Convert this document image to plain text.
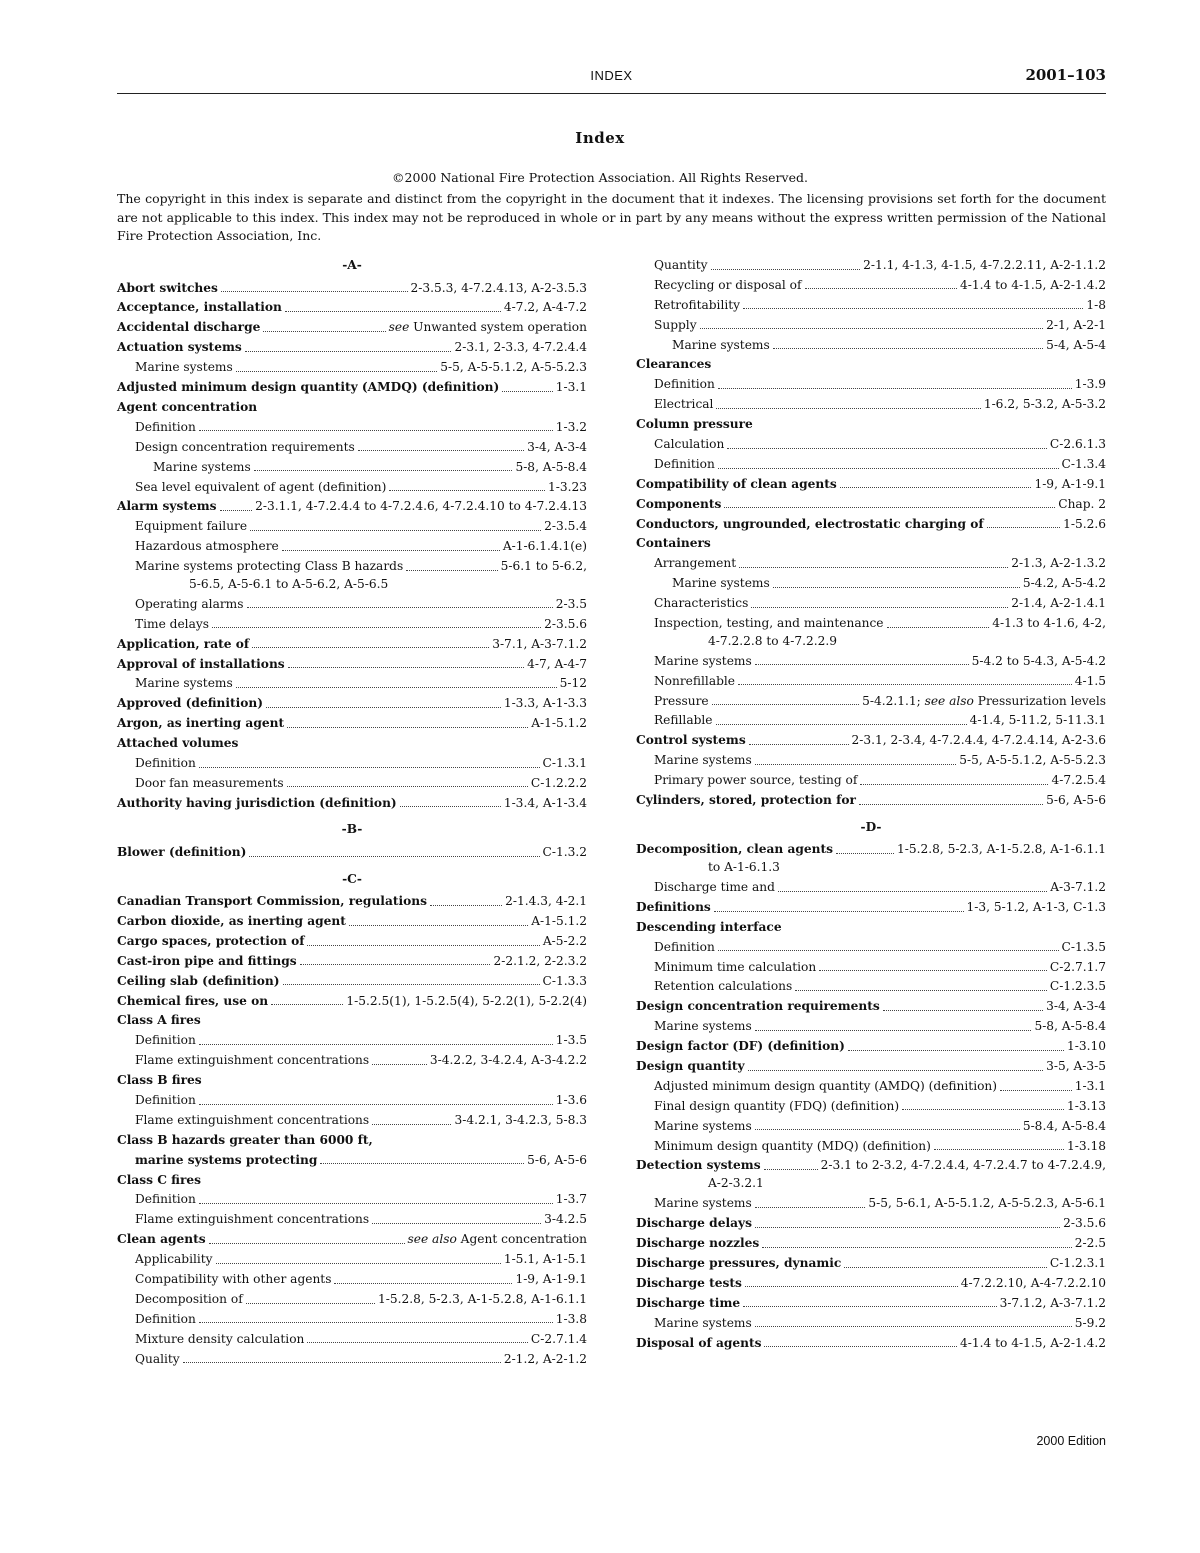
INDEX	2001–103
Index
©2000 National Fire Protection Association. All Rights Reserved.
The copyright in this index is separate and distinct from the copyright in the document that it indexes. The licensing provisions set forth for the document are not applicable to this index. This index may not be reproduced in whole or in part by any means without the express written permission of the National Fire Protection Association, Inc.
-A-
Abort switches	2-3.5.3, 4-7.2.4.13, A-2-3.5.3
Acceptance, installation	4-7.2, A-4-7.2
Accidental discharge	see Unwanted system operation
Actuation systems	2-3.1, 2-3.3, 4-7.2.4.4
Marine systems	5-5, A-5-5.1.2, A-5-5.2.3
Adjusted minimum design quantity (AMDQ) (definition)	1-3.1
Agent concentration
Definition	1-3.2
Design concentration requirements	3-4, A-3-4
Marine systems	5-8, A-5-8.4
Sea level equivalent of agent (definition)	1-3.23
Alarm systems	2-3.1.1, 4-7.2.4.4 to 4-7.2.4.6, 4-7.2.4.10 to 4-7.2.4.13
Equipment failure	2-3.5.4
Hazardous atmosphere	A-1-6.1.4.1(e)
Marine systems protecting Class B hazards	5-6.1 to 5-6.2,
5-6.5, A-5-6.1 to A-5-6.2, A-5-6.5
Operating alarms	2-3.5
Time delays	2-3.5.6
Application, rate of	3-7.1, A-3-7.1.2
Approval of installations	4-7, A-4-7
Marine systems	5-12
Approved (definition)	1-3.3, A-1-3.3
Argon, as inerting agent	A-1-5.1.2
Attached volumes
Definition	C-1.3.1
Door fan measurements	C-1.2.2.2
Authority having jurisdiction (definition)	1-3.4, A-1-3.4
-B-
Blower (definition)	C-1.3.2
-C-
Canadian Transport Commission, regulations	2-1.4.3, 4-2.1
Carbon dioxide, as inerting agent	A-1-5.1.2
Cargo spaces, protection of	A-5-2.2
Cast-iron pipe and fittings	2-2.1.2, 2-2.3.2
Ceiling slab (definition)	C-1.3.3
Chemical fires, use on	1-5.2.5(1), 1-5.2.5(4), 5-2.2(1), 5-2.2(4)
Class A fires
Definition	1-3.5
Flame extinguishment concentrations	3-4.2.2, 3-4.2.4, A-3-4.2.2
Class B fires
Definition	1-3.6
Flame extinguishment concentrations	3-4.2.1, 3-4.2.3, 5-8.3
Class B hazards greater than 6000 ft,
marine systems protecting	5-6, A-5-6
Class C fires
Definition	1-3.7
Flame extinguishment concentrations	3-4.2.5
Clean agents	see also Agent concentration
Applicability	1-5.1, A-1-5.1
Compatibility with other agents	1-9, A-1-9.1
Decomposition of	1-5.2.8, 5-2.3, A-1-5.2.8, A-1-6.1.1
Definition	1-3.8
Mixture density calculation	C-2.7.1.4
Quality	2-1.2, A-2-1.2
Quantity	2-1.1, 4-1.3, 4-1.5, 4-7.2.2.11, A-2-1.1.2
Recycling or disposal of	4-1.4 to 4-1.5, A-2-1.4.2
Retrofitability	1-8
Supply	2-1, A-2-1
Marine systems	5-4, A-5-4
Clearances
Definition	1-3.9
Electrical	1-6.2, 5-3.2, A-5-3.2
Column pressure
Calculation	C-2.6.1.3
Definition	C-1.3.4
Compatibility of clean agents	1-9, A-1-9.1
Components	Chap. 2
Conductors, ungrounded, electrostatic charging of	1-5.2.6
Containers
Arrangement	2-1.3, A-2-1.3.2
Marine systems	5-4.2, A-5-4.2
Characteristics	2-1.4, A-2-1.4.1
Inspection, testing, and maintenance	4-1.3 to 4-1.6, 4-2,
4-7.2.2.8 to 4-7.2.2.9
Marine systems	5-4.2 to 5-4.3, A-5-4.2
Nonrefillable	4-1.5
Pressure	5-4.2.1.1; see also Pressurization levels
Refillable	4-1.4, 5-11.2, 5-11.3.1
Control systems	2-3.1, 2-3.4, 4-7.2.4.4, 4-7.2.4.14, A-2-3.6
Marine systems	5-5, A-5-5.1.2, A-5-5.2.3
Primary power source, testing of	4-7.2.5.4
Cylinders, stored, protection for	5-6, A-5-6
-D-
Decomposition, clean agents	1-5.2.8, 5-2.3, A-1-5.2.8, A-1-6.1.1
to A-1-6.1.3
Discharge time and	A-3-7.1.2
Definitions	1-3, 5-1.2, A-1-3, C-1.3
Descending interface
Definition	C-1.3.5
Minimum time calculation	C-2.7.1.7
Retention calculations	C-1.2.3.5
Design concentration requirements	3-4, A-3-4
Marine systems	5-8, A-5-8.4
Design factor (DF) (definition)	1-3.10
Design quantity	3-5, A-3-5
Adjusted minimum design quantity (AMDQ) (definition)	1-3.1
Final design quantity (FDQ) (definition)	1-3.13
Marine systems	5-8.4, A-5-8.4
Minimum design quantity (MDQ) (definition)	1-3.18
Detection systems	2-3.1 to 2-3.2, 4-7.2.4.4, 4-7.2.4.7 to 4-7.2.4.9,
A-2-3.2.1
Marine systems	5-5, 5-6.1, A-5-5.1.2, A-5-5.2.3, A-5-6.1
Discharge delays	2-3.5.6
Discharge nozzles	2-2.5
Discharge pressures, dynamic	C-1.2.3.1
Discharge tests	4-7.2.2.10, A-4-7.2.2.10
Discharge time	3-7.1.2, A-3-7.1.2
Marine systems	5-9.2
Disposal of agents	4-1.4 to 4-1.5, A-2-1.4.2
2000 Edition
